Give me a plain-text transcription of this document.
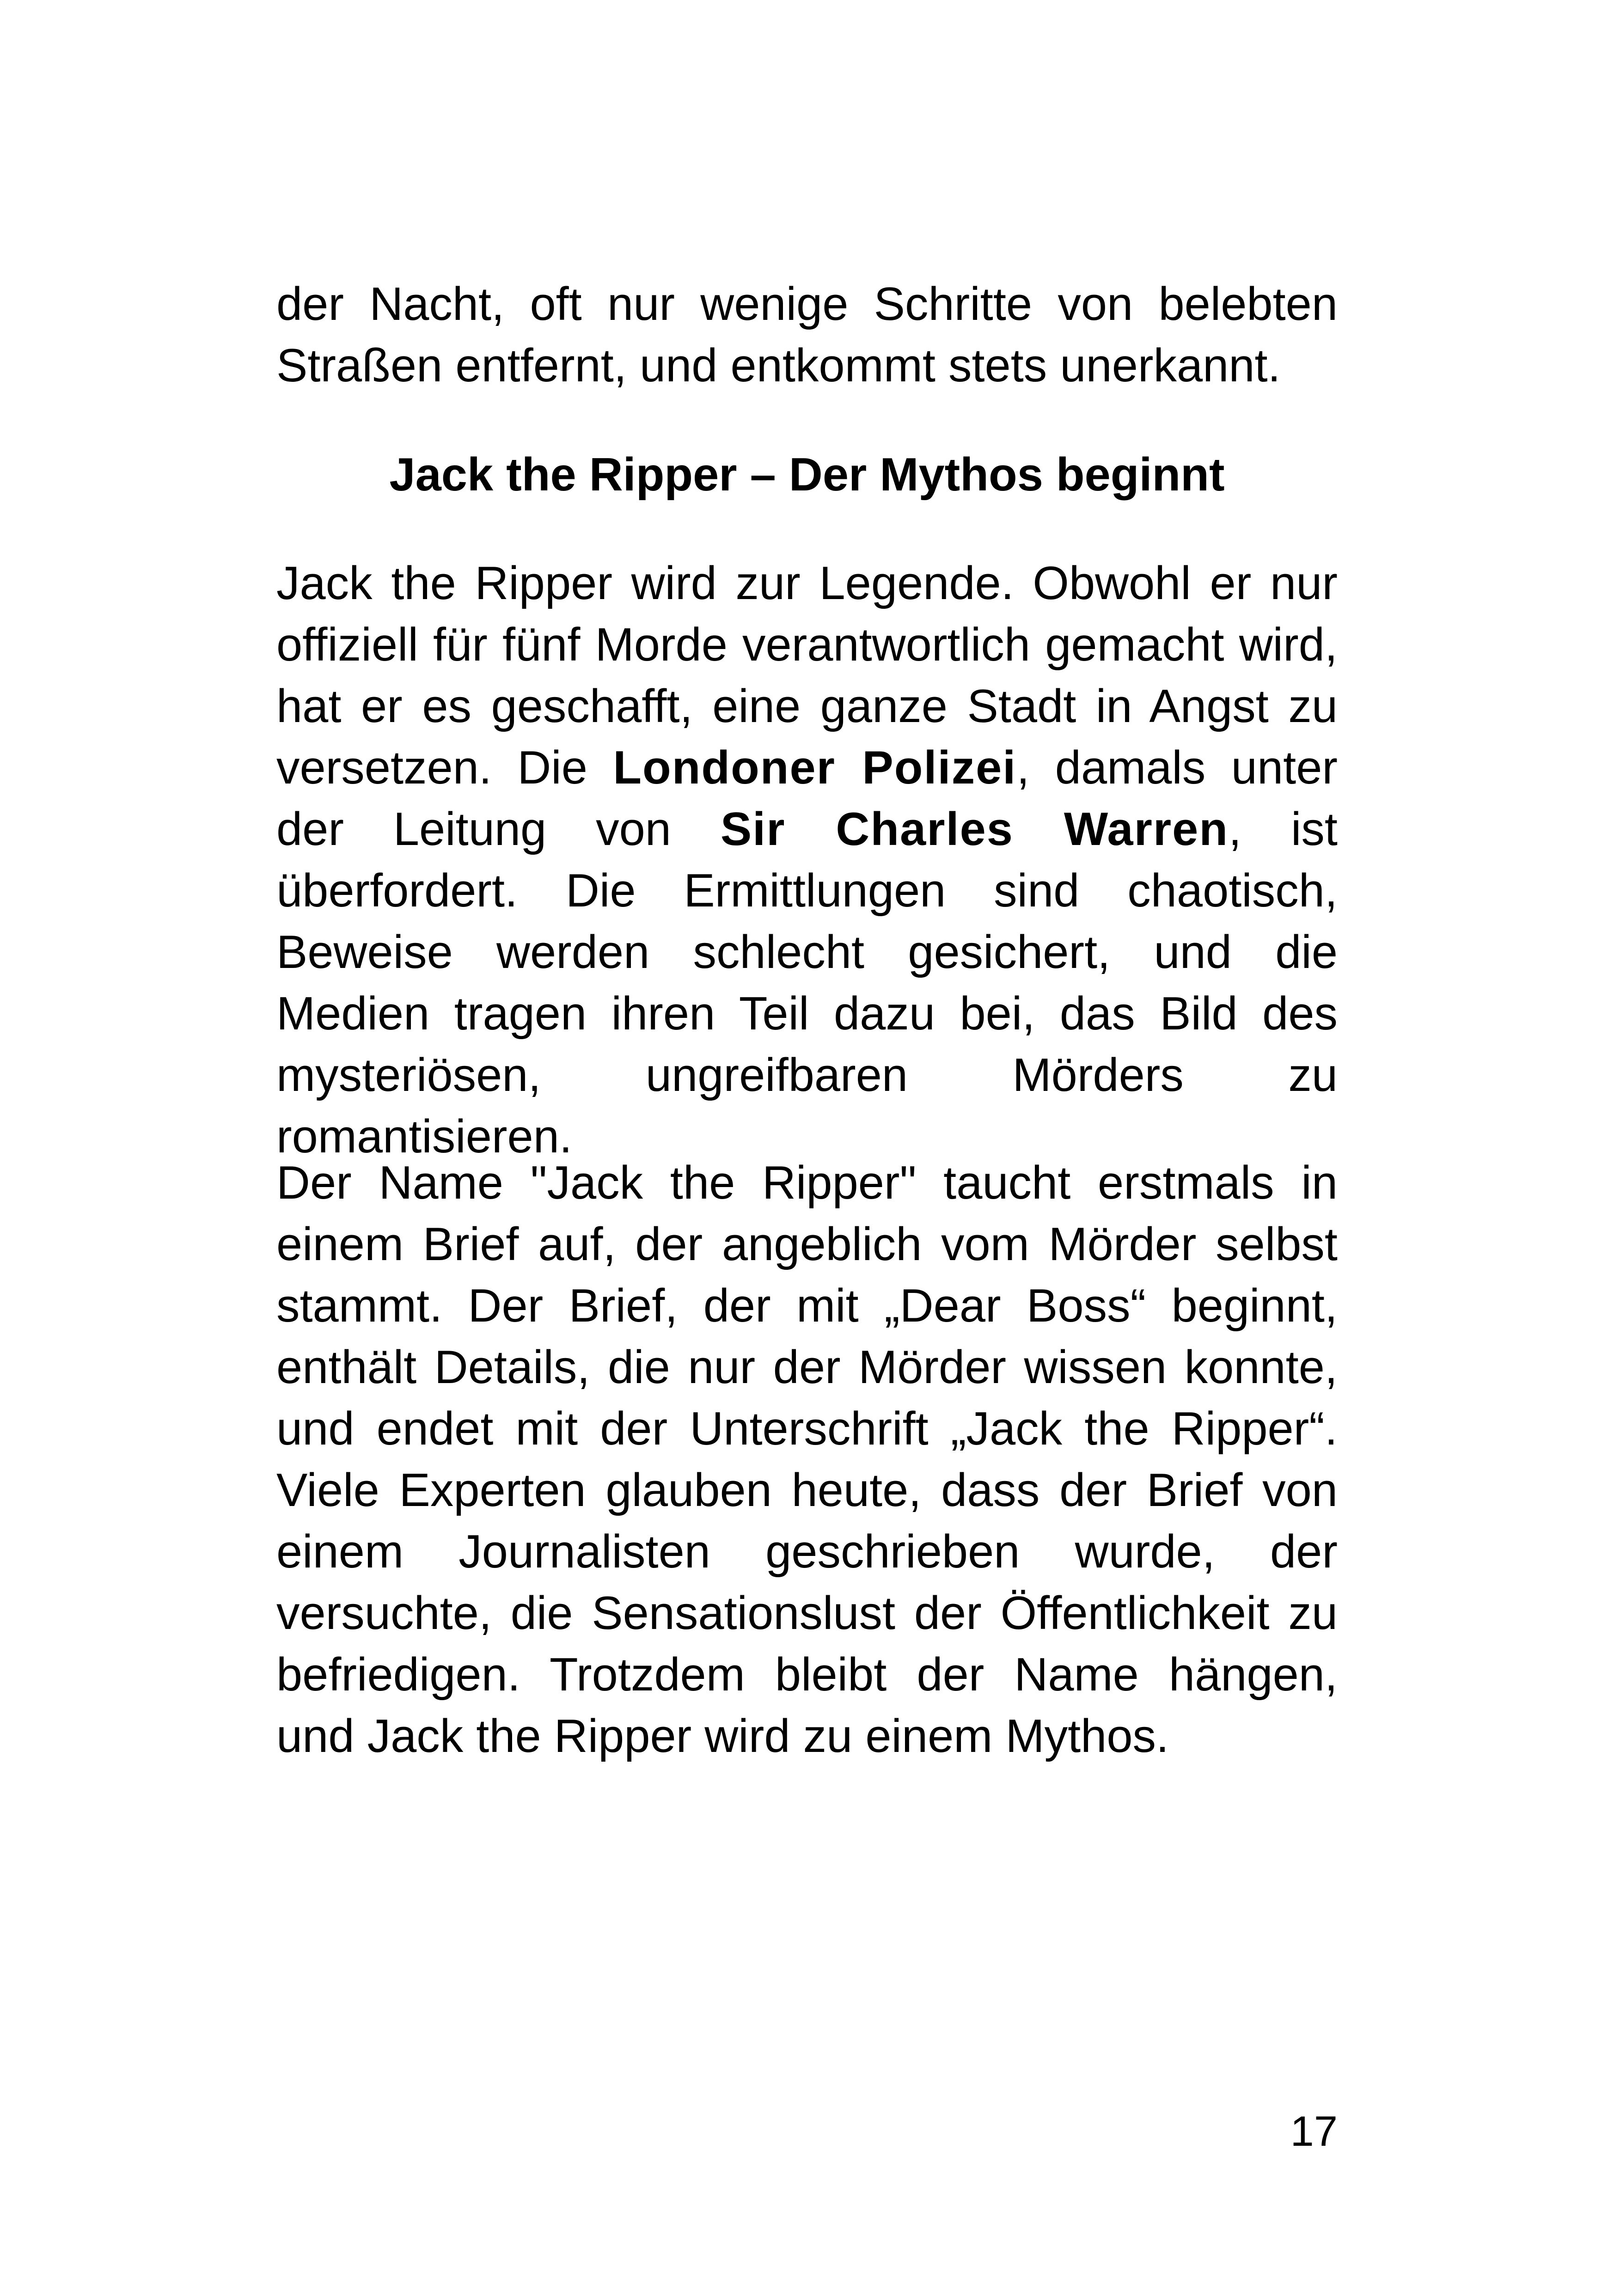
der Nacht, oft nur wenige Schritte von belebten Straßen entfernt, und entkommt stets unerkannt.

Jack the Ripper – Der Mythos beginnt

Jack the Ripper wird zur Legende. Obwohl er nur offiziell für fünf Morde verantwortlich gemacht wird, hat er es geschafft, eine ganze Stadt in Angst zu versetzen. Die Londoner Polizei, damals unter der Leitung von Sir Charles Warren, ist überfordert. Die Ermittlungen sind chaotisch, Beweise werden schlecht gesichert, und die Medien tragen ihren Teil dazu bei, das Bild des mysteriösen, ungreifbaren Mörders zu romantisieren.

Der Name "Jack the Ripper" taucht erstmals in einem Brief auf, der angeblich vom Mörder selbst stammt. Der Brief, der mit „Dear Boss“ beginnt, enthält Details, die nur der Mörder wissen konnte, und endet mit der Unterschrift „Jack the Ripper“. Viele Experten glauben heute, dass der Brief von einem Journalisten geschrieben wurde, der versuchte, die Sensationslust der Öffentlichkeit zu befriedigen. Trotzdem bleibt der Name hängen, und Jack the Ripper wird zu einem Mythos.

17
